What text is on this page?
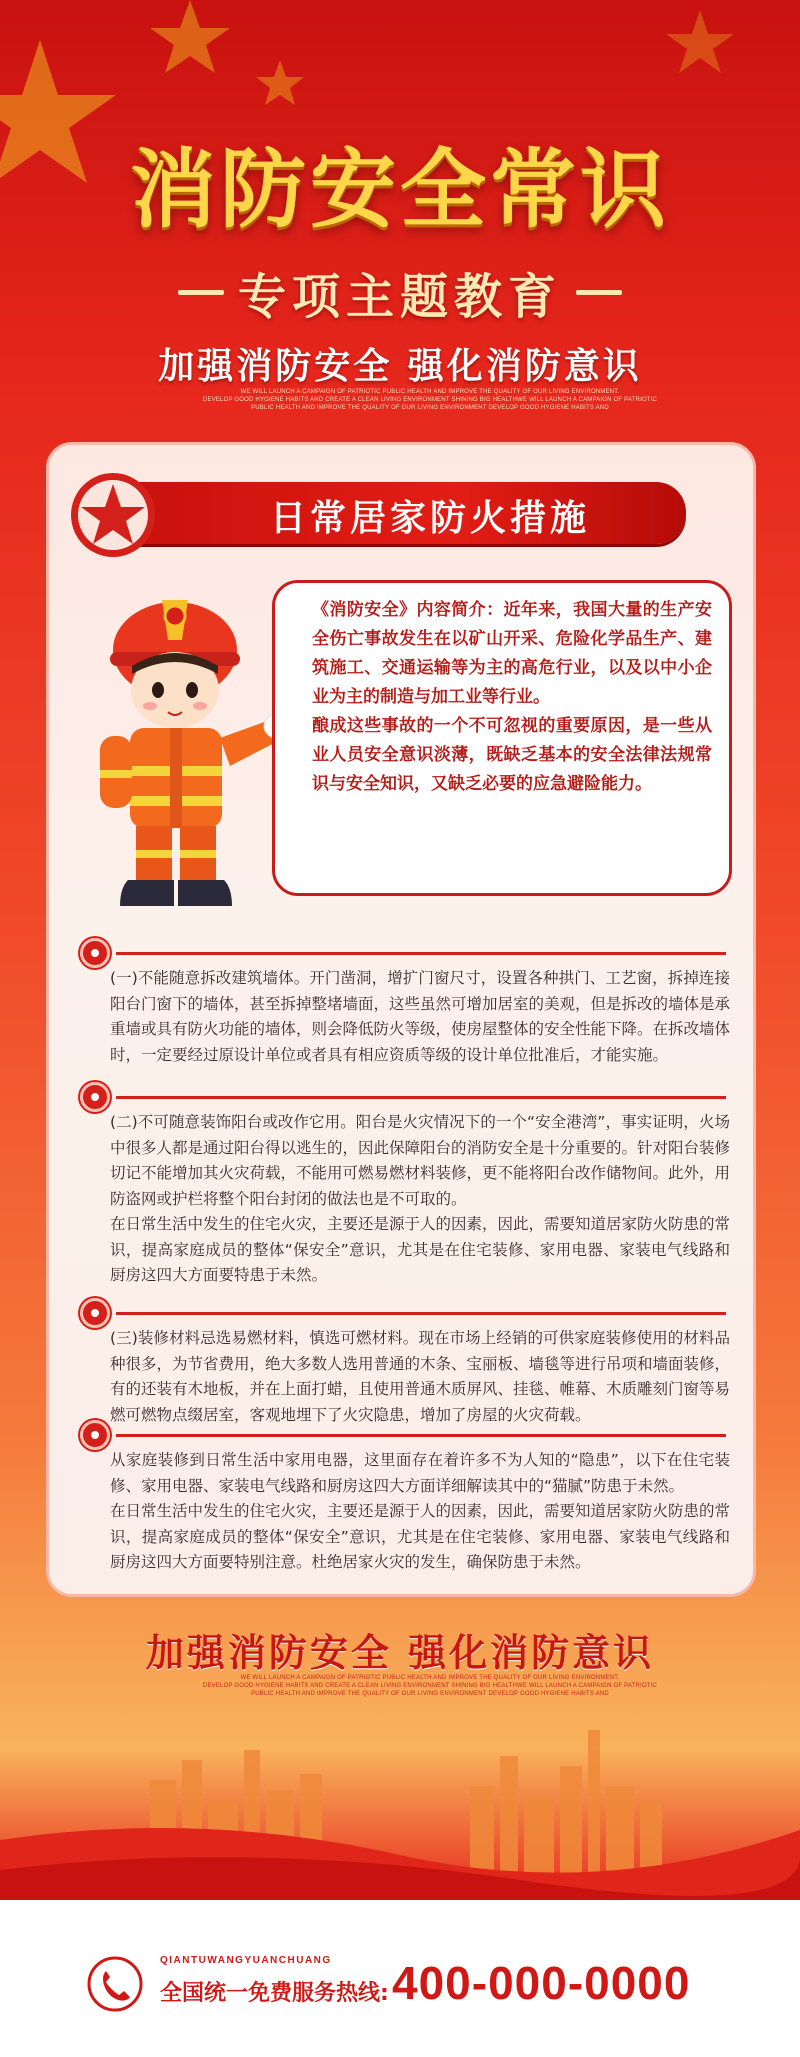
消防安全常识
专项主题教育
加强消防安全 强化消防意识
WE WILL LAUNCH A CAMPAIGN OF PATRIOTIC PUBLIC HEALTH AND IMPROVE THE QUALITY OF OUR LIVING ENVIRONMENT.
DEVELOP GOOD HYGIENE HABITS AND CREATE A CLEAN LIVING ENVIRONMENT SHINING BIG HEALTHWE WILL LAUNCH A CAMPAIGN OF PATRIOTIC
PUBLIC HEALTH AND IMPROVE THE QUALITY OF OUR LIVING ENVIRONMENT DEVELOP GOOD HYGIENE HABITS AND
日常居家防火措施

《消防安全》内容简介：近年来，我国大量的生产安全伤亡事故发生在以矿山开采、危险化学品生产、建筑施工、交通运输等为主的高危行业，以及以中小企业为主的制造与加工业等行业。

酿成这些事故的一个不可忽视的重要原因，是一些从业人员安全意识淡薄，既缺乏基本的安全法律法规常识与安全知识，又缺乏必要的应急避险能力。

(一)不能随意拆改建筑墙体。开门凿洞，增扩门窗尺寸，设置各种拱门、工艺窗，拆掉连接阳台门窗下的墙体，甚至拆掉整堵墙面，这些虽然可增加居室的美观，但是拆改的墙体是承重墙或具有防火功能的墙体，则会降低防火等级，使房屋整体的安全性能下降。在拆改墙体时，一定要经过原设计单位或者具有相应资质等级的设计单位批准后，才能实施。
(二)不可随意装饰阳台或改作它用。阳台是火灾情况下的一个“安全港湾”，事实证明，火场中很多人都是通过阳台得以逃生的，因此保障阳台的消防安全是十分重要的。针对阳台装修切记不能增加其火灾荷载，不能用可燃易燃材料装修，更不能将阳台改作储物间。此外，用防盗网或护栏将整个阳台封闭的做法也是不可取的。
在日常生活中发生的住宅火灾，主要还是源于人的因素，因此，需要知道居家防火防患的常识，提高家庭成员的整体“保安全”意识，尤其是在住宅装修、家用电器、家装电气线路和厨房这四大方面要特患于未然。
(三)装修材料忌选易燃材料，慎选可燃材料。现在市场上经销的可供家庭装修使用的材料品种很多，为节省费用，绝大多数人选用普通的木条、宝丽板、墙毯等进行吊项和墙面装修，有的还装有木地板，并在上面打蜡，且使用普通木质屏风、挂毯、帷幕、木质雕刻门窗等易燃可燃物点缀居室，客观地埋下了火灾隐患，增加了房屋的火灾荷载。
从家庭装修到日常生活中家用电器，这里面存在着许多不为人知的“隐患”，以下在住宅装修、家用电器、家装电气线路和厨房这四大方面详细解读其中的“猫腻”防患于未然。
在日常生活中发生的住宅火灾，主要还是源于人的因素，因此，需要知道居家防火防患的常识，提高家庭成员的整体“保安全”意识，尤其是在住宅装修、家用电器、家装电气线路和厨房这四大方面要特别注意。杜绝居家火灾的发生，确保防患于未然。
加强消防安全 强化消防意识
WE WILL LAUNCH A CAMPAIGN OF PATRIOTIC PUBLIC HEALTH AND IMPROVE THE QUALITY OF OUR LIVING ENVIRONMENT.
DEVELOP GOOD HYGIENE HABITS AND CREATE A CLEAN LIVING ENVIRONMENT SHINING BIG HEALTHWE WILL LAUNCH A CAMPAIGN OF PATRIOTIC
PUBLIC HEALTH AND IMPROVE THE QUALITY OF OUR LIVING ENVIRONMENT DEVELOP GOOD HYGIENE HABITS AND
QIANTUWANGYUANCHUANG
全国统一免费服务热线: 400-000-0000
